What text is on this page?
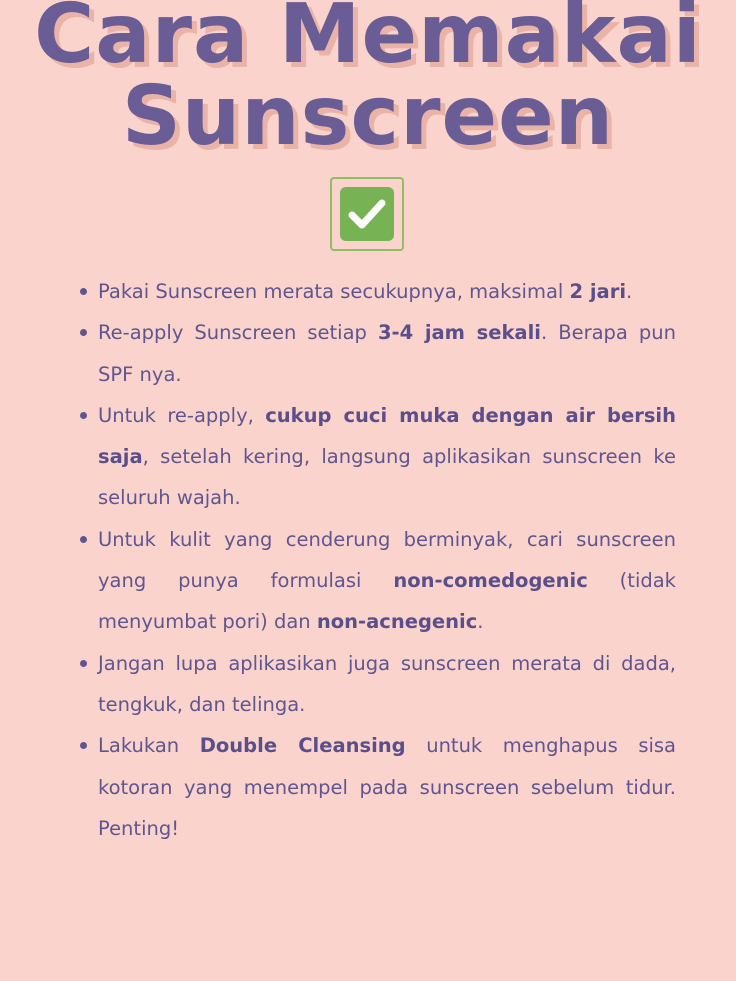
Cara Memakai
Sunscreen
Pakai Sunscreen merata secukupnya, maksimal 2 jari.
Re-apply Sunscreen setiap 3-4 jam sekali. Berapa pun SPF nya.
Untuk re-apply, cukup cuci muka dengan air bersih saja, setelah kering, langsung aplikasikan sunscreen ke seluruh wajah.
Untuk kulit yang cenderung berminyak, cari sunscreen yang punya formulasi non-comedogenic (tidak menyumbat pori) dan non-acnegenic.
Jangan lupa aplikasikan juga sunscreen merata di dada, tengkuk, dan telinga.
Lakukan Double Cleansing untuk menghapus sisa kotoran yang menempel pada sunscreen sebelum tidur. Penting!
